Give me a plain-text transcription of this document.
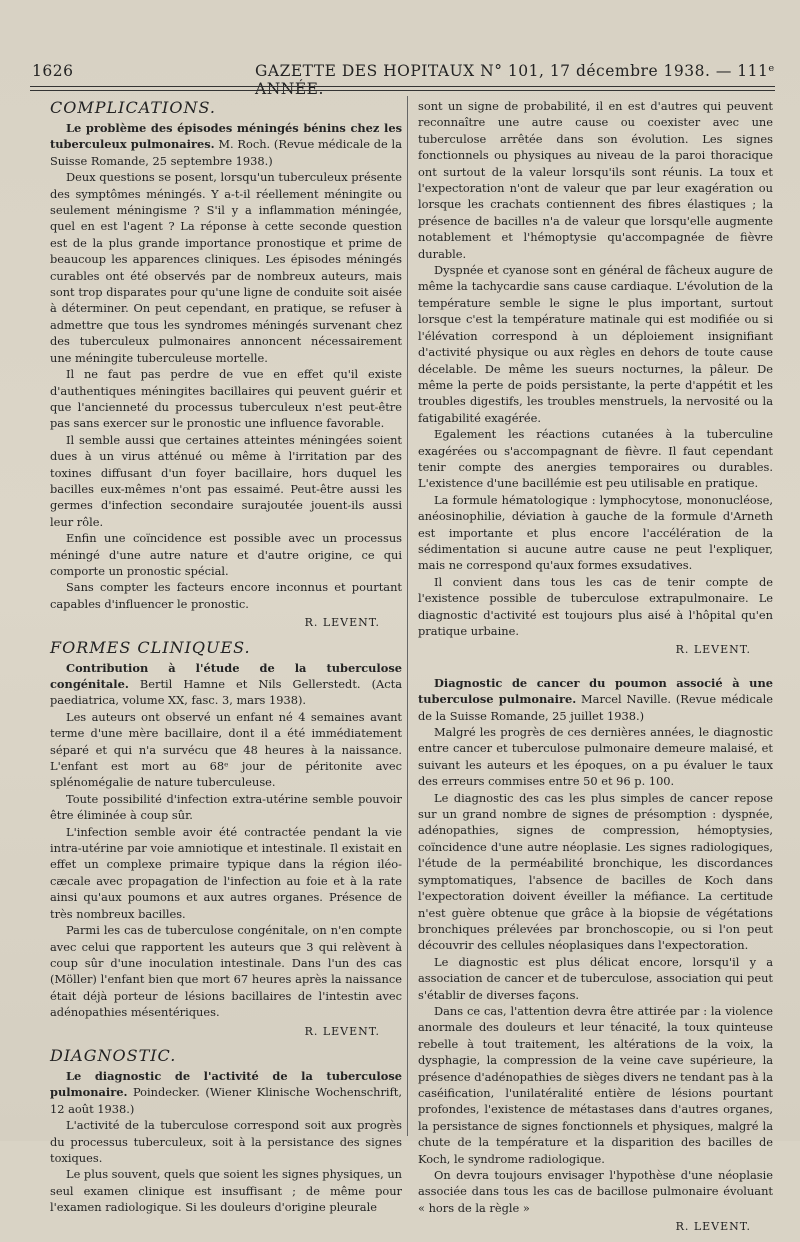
1626	GAZETTE DES HOPITAUX N° 101, 17 décembre 1938. — 111ᵉ ANNÉE.
COMPLICATIONS.

Le problème des épisodes méningés bénins chez les tuberculeux pulmonaires. M. Roch. (Revue médicale de la Suisse Romande, 25 septembre 1938.)

Deux questions se posent, lorsqu'un tuberculeux présente des symptômes méningés. Y a-t-il réellement méningite ou seulement méningisme ? S'il y a inflammation méningée, quel en est l'agent ? La réponse à cette seconde question est de la plus grande importance pronostique et prime de beaucoup les apparences cliniques. Les épisodes méningés curables ont été observés par de nombreux auteurs, mais sont trop disparates pour qu'une ligne de conduite soit aisée à déterminer. On peut cependant, en pratique, se refuser à admettre que tous les syndromes méningés survenant chez des tuberculeux pulmonaires annoncent nécessairement une méningite tuberculeuse mortelle.

Il ne faut pas perdre de vue en effet qu'il existe d'authentiques méningites bacillaires qui peuvent guérir et que l'ancienneté du processus tuberculeux n'est peut-être pas sans exercer sur le pronostic une influence favorable.

Il semble aussi que certaines atteintes méningées soient dues à un virus atténué ou même à l'irritation par des toxines diffusant d'un foyer bacillaire, hors duquel les bacilles eux-mêmes n'ont pas essaimé. Peut-être aussi les germes d'infection secondaire surajoutée jouent-ils aussi leur rôle.

Enfin une coïncidence est possible avec un processus méningé d'une autre nature et d'autre origine, ce qui comporte un pronostic spécial.

Sans compter les facteurs encore inconnus et pourtant capables d'influencer le pronostic.

R. LEVENT.

FORMES CLINIQUES.

Contribution à l'étude de la tuberculose congénitale. Bertil Hamne et Nils Gellerstedt. (Acta paediatrica, volume XX, fasc. 3, mars 1938).

Les auteurs ont observé un enfant né 4 semaines avant terme d'une mère bacillaire, dont il a été immédiatement séparé et qui n'a survécu que 48 heures à la naissance. L'enfant est mort au 68ᵉ jour de péritonite avec splénomégalie de nature tuberculeuse.

Toute possibilité d'infection extra-utérine semble pouvoir être éliminée à coup sûr.

L'infection semble avoir été contractée pendant la vie intra-utérine par voie amniotique et intestinale. Il existait en effet un complexe primaire typique dans la région iléo-cæcale avec propagation de l'infection au foie et à la rate ainsi qu'aux poumons et aux autres organes. Présence de très nombreux bacilles.

Parmi les cas de tuberculose congénitale, on n'en compte avec celui que rapportent les auteurs que 3 qui relèvent à coup sûr d'une inoculation intestinale. Dans l'un des cas (Möller) l'enfant bien que mort 67 heures après la naissance était déjà porteur de lésions bacillaires de l'intestin avec adénopathies mésentériques.

R. LEVENT.

DIAGNOSTIC.

Le diagnostic de l'activité de la tuberculose pulmonaire. Poindecker. (Wiener Klinische Wochenschrift, 12 août 1938.)

L'activité de la tuberculose correspond soit aux progrès du processus tuberculeux, soit à la persistance des signes toxiques.

Le plus souvent, quels que soient les signes physiques, un seul examen clinique est insuffisant ; de même pour l'examen radiologique. Si les douleurs d'origine pleurale

sont un signe de probabilité, il en est d'autres qui peuvent reconnaître une autre cause ou coexister avec une tuberculose arrêtée dans son évolution. Les signes fonctionnels ou physiques au niveau de la paroi thoracique ont surtout de la valeur lorsqu'ils sont réunis. La toux et l'expectoration n'ont de valeur que par leur exagération ou lorsque les crachats contiennent des fibres élastiques ; la présence de bacilles n'a de valeur que lorsqu'elle augmente notablement et l'hémoptysie qu'accompagnée de fièvre durable.

Dyspnée et cyanose sont en général de fâcheux augure de même la tachycardie sans cause cardiaque. L'évolution de la température semble le signe le plus important, surtout lorsque c'est la température matinale qui est modifiée ou si l'élévation correspond à un déploiement insignifiant d'activité physique ou aux règles en dehors de toute cause décelable. De même les sueurs nocturnes, la pâleur. De même la perte de poids persistante, la perte d'appétit et les troubles digestifs, les troubles menstruels, la nervosité ou la fatigabilité exagérée.

Egalement les réactions cutanées à la tuberculine exagérées ou s'accompagnant de fièvre. Il faut cependant tenir compte des anergies temporaires ou durables. L'existence d'une bacillémie est peu utilisable en pratique.

La formule hématologique : lymphocytose, mononucléose, anéosinophilie, déviation à gauche de la formule d'Arneth est importante et plus encore l'accélération de la sédimentation si aucune autre cause ne peut l'expliquer, mais ne correspond qu'aux formes exsudatives.

Il convient dans tous les cas de tenir compte de l'existence possible de tuberculose extrapulmonaire. Le diagnostic d'activité est toujours plus aisé à l'hôpital qu'en pratique urbaine.

R. LEVENT.

Diagnostic de cancer du poumon associé à une tuberculose pulmonaire. Marcel Naville. (Revue médicale de la Suisse Romande, 25 juillet 1938.)

Malgré les progrès de ces dernières années, le diagnostic entre cancer et tuberculose pulmonaire demeure malaisé, et suivant les auteurs et les époques, on a pu évaluer le taux des erreurs commises entre 50 et 96 p. 100.

Le diagnostic des cas les plus simples de cancer repose sur un grand nombre de signes de présomption : dyspnée, adénopathies, signes de compression, hémoptysies, coïncidence d'une autre néoplasie. Les signes radiologiques, l'étude de la perméabilité bronchique, les discordances symptomatiques, l'absence de bacilles de Koch dans l'expectoration doivent éveiller la méfiance. La certitude n'est guère obtenue que grâce à la biopsie de végétations bronchiques prélevées par bronchoscopie, ou si l'on peut découvrir des cellules néoplasiques dans l'expectoration.

Le diagnostic est plus délicat encore, lorsqu'il y a association de cancer et de tuberculose, association qui peut s'établir de diverses façons.

Dans ce cas, l'attention devra être attirée par : la violence anormale des douleurs et leur ténacité, la toux quinteuse rebelle à tout traitement, les altérations de la voix, la dysphagie, la compression de la veine cave supérieure, la présence d'adénopathies de sièges divers ne tendant pas à la caséification, l'unilatéralité entière de lésions pourtant profondes, l'existence de métastases dans d'autres organes, la persistance de signes fonctionnels et physiques, malgré la chute de la température et la disparition des bacilles de Koch, le syndrome radiologique.

On devra toujours envisager l'hypothèse d'une néoplasie associée dans tous les cas de bacillose pulmonaire évoluant « hors de la règle »

R. LEVENT.
